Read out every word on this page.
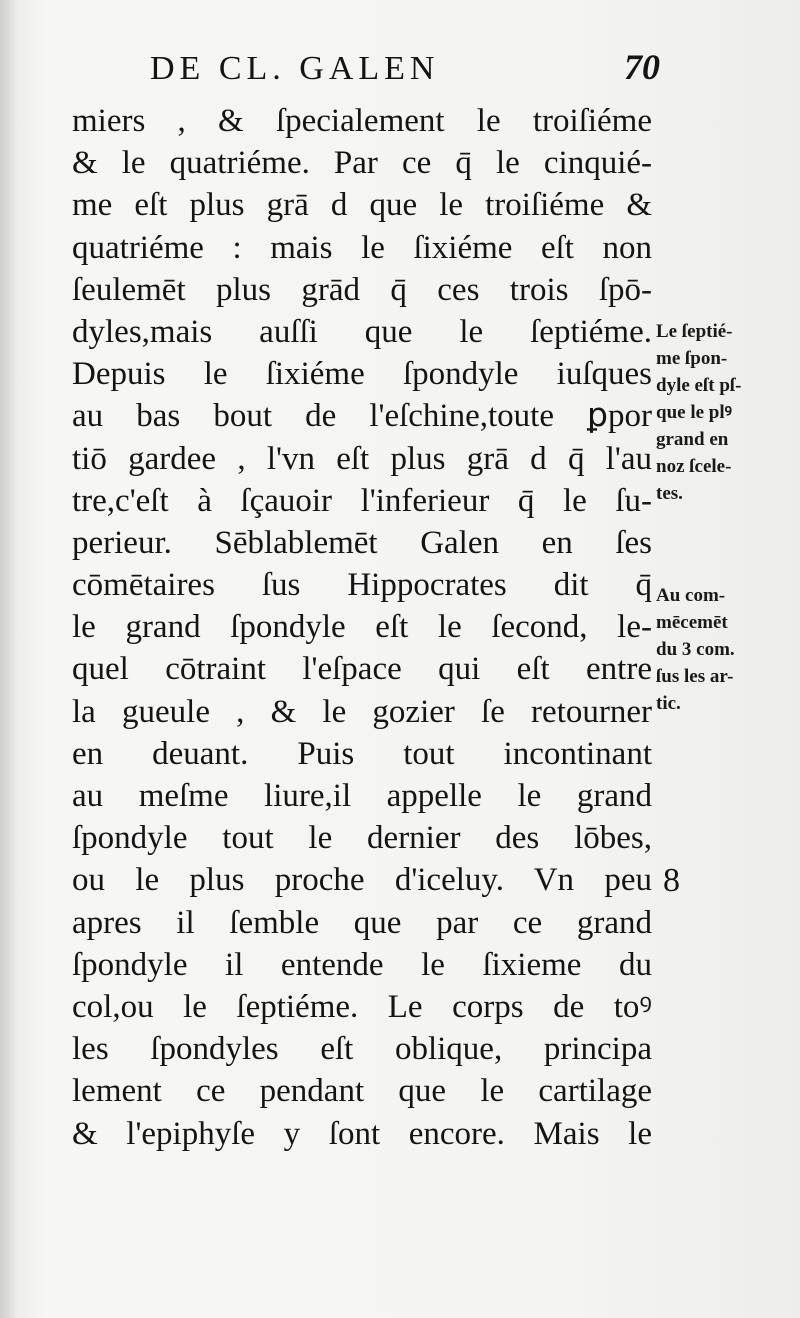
DE CL. GALEN	70
miers , & ſpecialement le troiſiéme
& le quatriéme. Par ce q̄ le cinquié-
me eſt plus grā d que le troiſiéme &
quatriéme : mais le ſixiéme eſt non
ſeulemēt plus grād q̄ ces trois ſpō-
dyles,mais auſſi que le ſeptiéme.
Depuis le ſixiéme ſpondyle iuſques
au bas bout de l'eſchine,toute ꝑpor
tiō gardee , l'vn eſt plus grā d q̄ l'au
tre,c'eſt à ſçauoir l'inferieur q̄ le ſu-
perieur. Sēblablemēt Galen en ſes
cōmētaires ſus Hippocrates dit q̄
le grand ſpondyle eſt le ſecond, le-
quel cōtraint l'eſpace qui eſt entre
la gueule , & le gozier ſe retourner
en deuant. Puis tout incontinant
au meſme liure,il appelle le grand
ſpondyle tout le dernier des lōbes,
ou le plus proche d'iceluy. Vn peu
apres il ſemble que par ce grand
ſpondyle il entende le ſixieme du
col,ou le ſeptiéme. Le corps de toꝰ
les ſpondyles eſt oblique, principa
lement ce pendant que le cartilage
& l'epiphyſe y ſont encore. Mais le
Le ſeptié-
me ſpon-
dyle eſt pſ-
que le plꝰ
grand en
noz ſcele-
tes.
Au com-
mēcemēt
du 3 com.
ſus les ar-
tic.
8
